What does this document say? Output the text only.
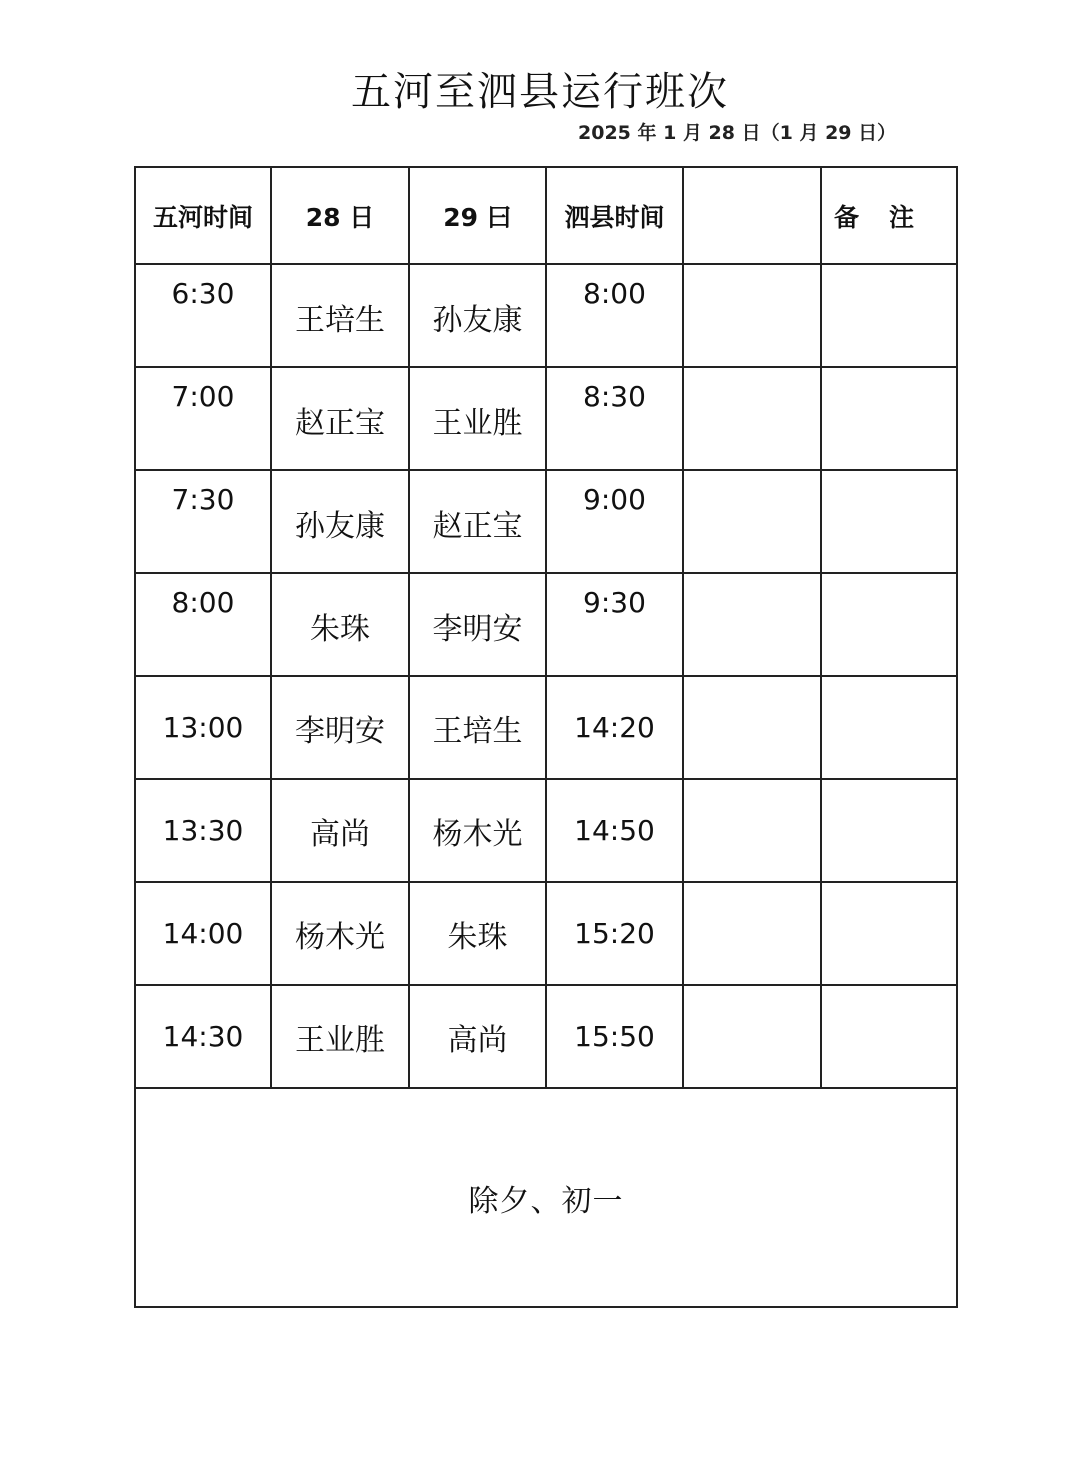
五河至泗县运行班次
2025 年 1 月 28 日（1 月 29 日）
五河时间	28 日	29 曰	泗县时间		备注
6:30	王培生	孙友康	8:00		
7:00	赵正宝	王业胜	8:30		
7:30	孙友康	赵正宝	9:00		
8:00	朱珠	李明安	9:30		
13:00	李明安	王培生	14:20		
13:30	高尚	杨木光	14:50		
14:00	杨木光	朱珠	15:20		
14:30	王业胜	高尚	15:50		
除夕、初一					
